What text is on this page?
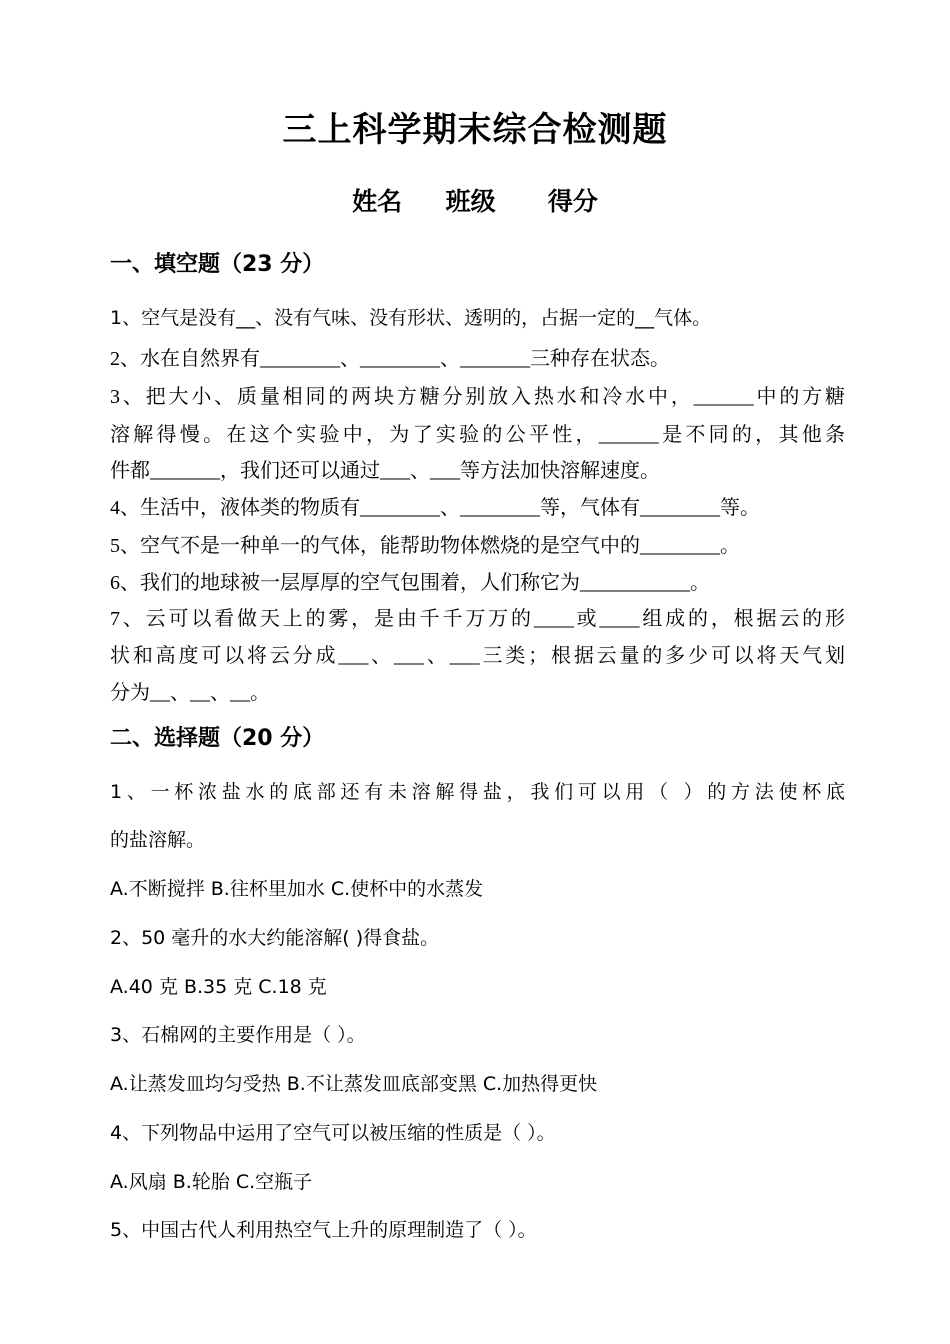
三上科学期末综合检测题
姓名     班级      得分
一、填空题（23 分）
1、空气是没有__、没有气味、没有形状、透明的，占据一定的__气体。
2、水在自然界有________、________、_______三种存在状态。
3、把大小、质量相同的两块方糖分别放入热水和冷水中，______中的方糖
溶解得慢。在这个实验中，为了实验的公平性，______是不同的，其他条
件都_______，我们还可以通过___、___等方法加快溶解速度。
4、生活中，液体类的物质有________、________等，气体有________等。
5、空气不是一种单一的气体，能帮助物体燃烧的是空气中的________。
6、我们的地球被一层厚厚的空气包围着，人们称它为___________。
7、云可以看做天上的雾，是由千千万万的____或____组成的，根据云的形
状和高度可以将云分成___、___、___三类；根据云量的多少可以将天气划
分为__、__、__。
二、选择题（20 分）
1、一杯浓盐水的底部还有未溶解得盐，我们可以用（ ）的方法使杯底
的盐溶解。
A.不断搅拌 B.往杯里加水 C.使杯中的水蒸发
2、50 毫升的水大约能溶解( )得食盐。
A.40 克 B.35 克 C.18 克
3、石棉网的主要作用是（ ）。
A.让蒸发皿均匀受热 B.不让蒸发皿底部变黑 C.加热得更快
4、下列物品中运用了空气可以被压缩的性质是（ ）。
A.风扇 B.轮胎 C.空瓶子
5、中国古代人利用热空气上升的原理制造了（ ）。
